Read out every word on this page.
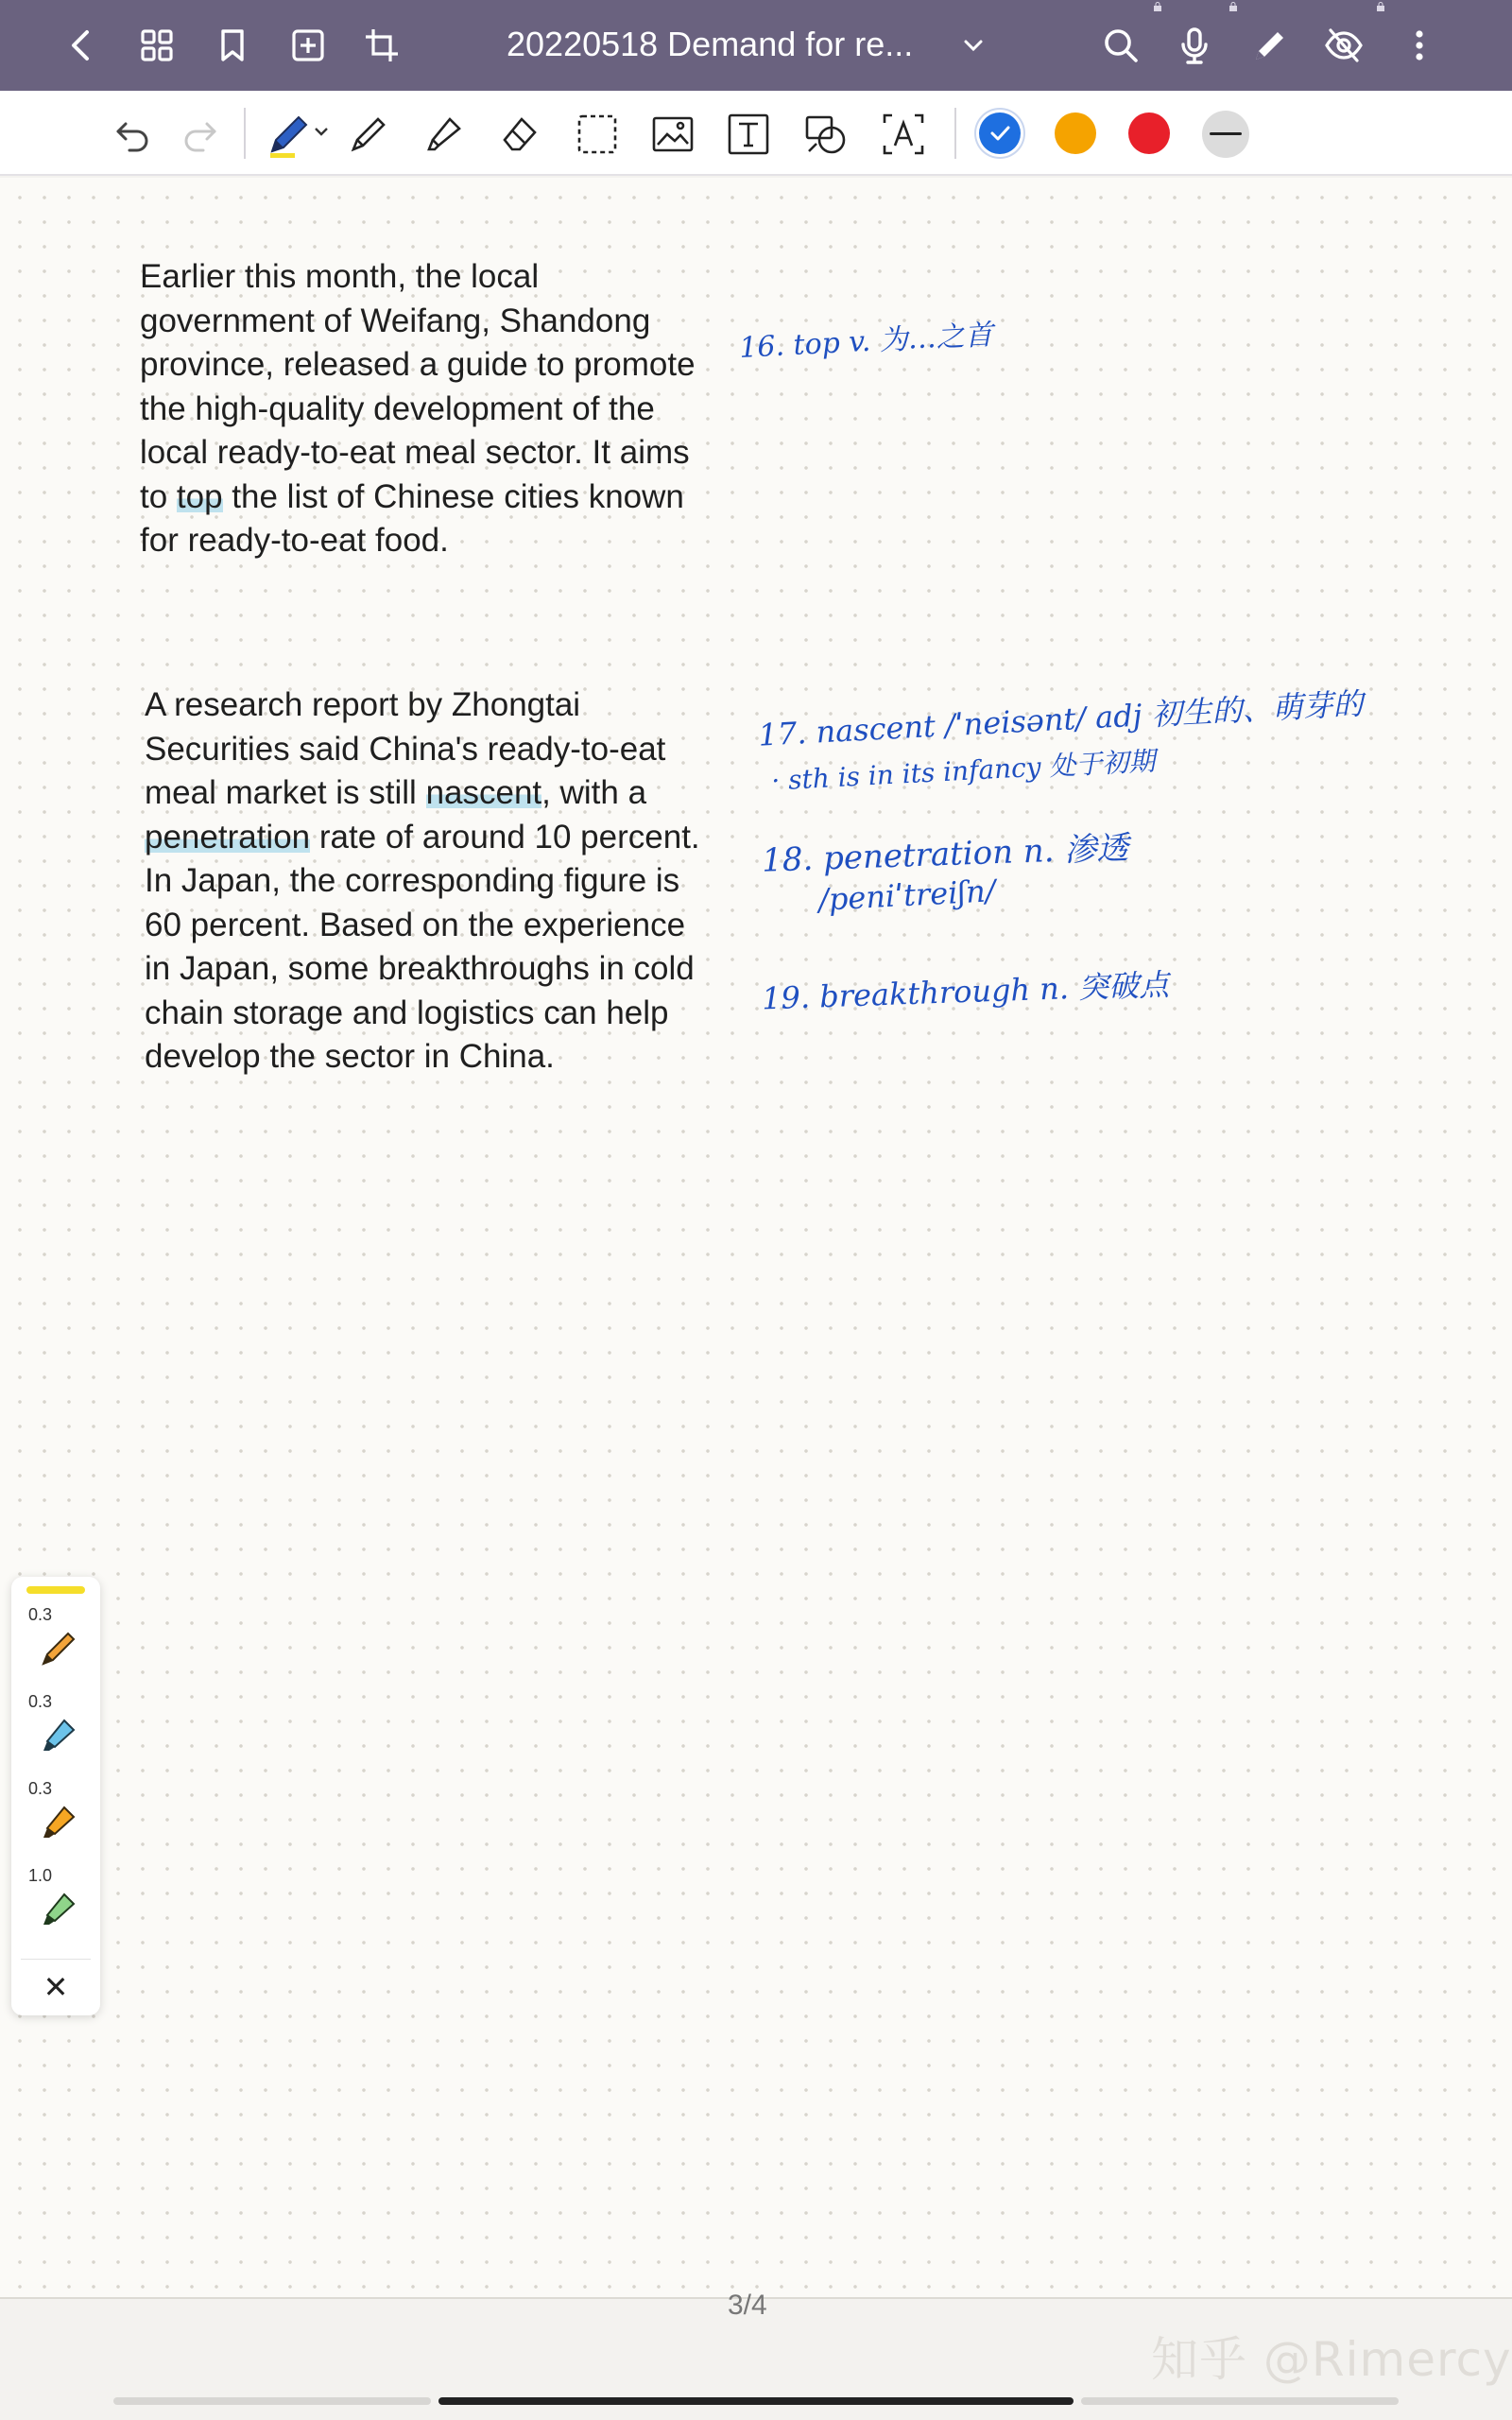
20220518 Demand for re...
Earlier this month, the local government of Weifang, Shandong province, released a guide to promote the high-quality development of the local ready-to-eat meal sector. It aims to top the list of Chinese cities known for ready-to-eat food.
A research report by Zhongtai Securities said China's ready-to-eat meal market is still nascent, with a penetration rate of around 10 percent. In Japan, the corresponding figure is 60 percent. Based on the experience in Japan, some breakthroughs in cold chain storage and logistics can help develop the sector in China.
16. top v. 为…之首
17. nascent /ˈneisənt/ adj 初生的、萌芽的
· sth is in its infancy 处于初期
18. penetration n. 渗透
/peniˈtreiʃn/
19. breakthrough n. 突破点
0.3
0.3
0.3
1.0
✕
3/4
知乎 @Rimercy
